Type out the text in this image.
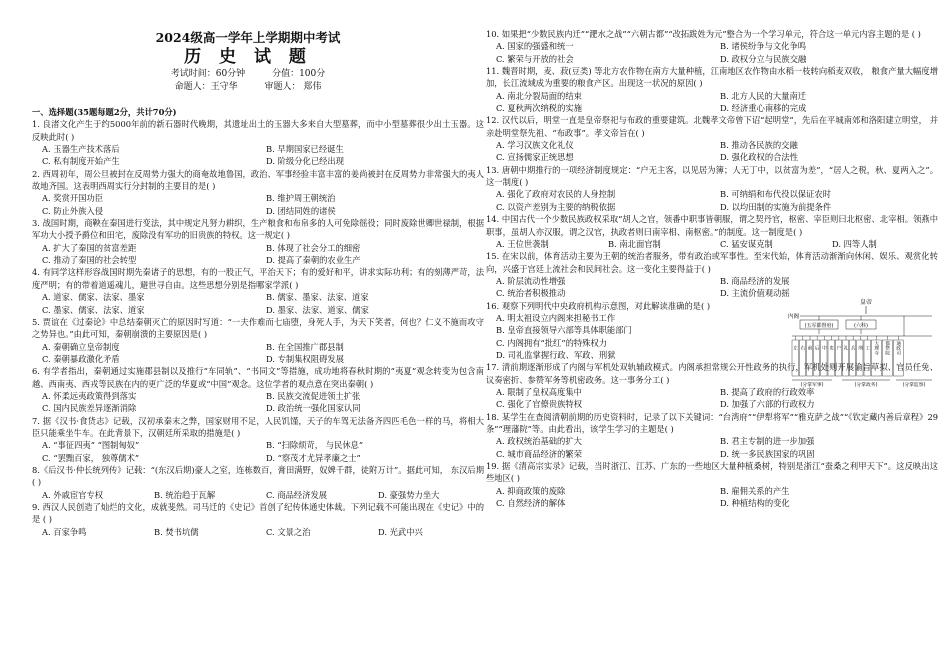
2024级高一学年上学期期中考试
历 史 试 题
考试时间：60分钟	分值：100分
命题人：王守华	审题人： 郑伟
一、选择题(35题每题2分，共计70分)
1. 良渚文化产生于约5000年前的新石器时代晚期，其遗址出土的玉器大多来自大型墓葬，而中小型墓葬很少出土玉器。这反映此时( )
A. 玉器生产技术落后	B. 早期国家已经诞生
C. 私有制度开始产生	D. 阶级分化已经出现
2. 西周初年，周公旦被封在反周势力强大的商奄故地鲁国，政治、军事经验丰富丰富的姜尚被封在反周势力非常强大的夷人故地齐国。这表明西周实行分封制的主要目的是( )
A. 奖赏开国功臣	B. 维护周王朝统治
C. 防止外族入侵	D. 团结同姓的诸侯
3. 战国时期，商鞅在秦国进行变法，其中规定凡努力耕织，生产粮食和布帛多的人可免除徭役；同时废除世卿世禄制，根据军功大小授予爵位和田宅，废除没有军功的旧贵族的特权。这一规定( )
A. 扩大了秦国的贫富差距	B. 体现了社会分工的细密
C. 推动了秦国的社会转型	D. 提高了秦朝的农业生产
4. 有同学这样形容战国时期先秦诸子的思想，有的一股正气，平治天下；有的爱好和平，讲求实际功利；有的刻薄严苛，法度严明；有的带着道遥魂儿，避世寻自由。这些思想分别是指哪家学派( )
A. 道家、儒家、法家、墨家	B. 儒家、墨家、法家、道家
C. 墨家、儒家、法家、道家	D. 墨家、法家、道家、儒家
5. 贾谊在《过秦论》中总结秦朝灭亡的原因时写道：“一夫作难而七庙堕，身死人手，为天下笑者，何也？仁义不施而攻守之势异也。”由此可知，秦朝崩溃的主要原因是( )
A. 秦朝确立皇帝制度	B. 在全国推广郡县制
C. 秦朝暴政激化矛盾	D. 专制集权阻碍发展
6. 有学者指出，秦朝通过实施郡县制以及推行“车同轨”、“书同文”等措施，成功地将春秋时期的“夷夏”观念转变为包含南越、西南夷、西戎等民族在内的更广泛的华夏或“中国”观念。这位学者的观点意在突出秦朝( )
A. 怀柔远夷政策得到落实	B. 民族交流促进领土扩张
C. 国内民族差异逐渐消除	D. 政治统一强化国家认同
7. 据《汉书·食货志》记载，汉初承秦末之弊，国家财用不足，人民饥馑，天子的车驾无法备齐四匹毛色一样的马，将相大臣只能乘坐牛车。在此背景下，汉朝廷所采取的措施是( )
A. “事征四夷” “图制匈奴”	B. “扫除烦苛， 与民休息”
C. “罢黜百家， 独尊儒术”	D. “察茂才尤异孝廉之士”
8.《后汉书·仲长统列传》记载：“(东汉后期)豪人之室，连栋数百，膏田满野，奴婢千群，徒附万计”。据此可知， 东汉后期( )
A. 外戚宦官专权	B. 统治趋于瓦解	C. 商品经济发展	D. 豪强势力坐大
9. 西汉人民创造了灿烂的文化，成就斐然。司马迁的《史记》首创了纪传体通史体裁。下列记载不可能出现在《史记》中的是 ( )
A. 百家争鸣	B. 焚书坑儒	C. 文景之治	D. 光武中兴
10. 如果把“少数民族内迁”“淝水之战”“六朝古都”“改拓跋姓为元”整合为一个学习单元，符合这一单元内容主题的是 ( )
A. 国家的强盛和统一	B. 诸侯纷争与文化争鸣
C. 繁荣与开放的社会	D. 政权分立与民族交融
11. 魏晋时期，麦、菽(豆类) 等北方农作物在南方大量种植，江南地区农作物由水稻一枝转向稻麦双收， 粮食产量大幅度增加，长江流域成为重要的粮食产区。出现这一状况的原因( )
A. 南北分裂局面的结束	B. 北方人民的大量南迁
C. 夏秋两次纳税的实施	D. 经济重心南移的完成
12. 汉代以后，明堂一直是皇帝祭祀与布政的重要建筑。北魏孝文帝曾下诏“起明堂”，先后在平城南郊和洛阳建立明堂， 并亲赴明堂祭先祖、“布政事”。孝文帝旨在( )
A. 学习汉族文化礼仪	B. 推动各民族的交融
C. 宣扬儒家正统思想	D. 强化政权的合法性
13. 唐朝中期推行的一项经济制度规定：“户无主客，以见居为簿；人无丁中，以贫富为差”，“居人之税，秋、夏两入之”。这一制度( )
A. 强化了政府对农民的人身控制	B. 可纳绢和布代役以保证农时
C. 以资产差别为主要的纳税依据	D. 以均田制的实施为前提条件
14. 中国古代一个少数民族政权采取“胡人之官，领番中职事皆朝服，谓之契丹官，枢密、宰臣则曰北枢密、北宰相。领燕中职事，虽胡人亦汉服，谓之汉官，执政者则曰南宰相、南枢密。”的制度。这一制度是( )
A. 王位世袭制	B. 南北面官制	C. 猛安谋克制	D. 四等人制
15. 在宋以前，体育活动主要为王朝的统治者服务，带有政治或军事性。至宋代始，体育活动渐渐向休闲、娱乐、观赏化转向，兴盛于宫廷上流社会和民间社会。这一变化主要得益于( )
A. 阶层流动性增强	B. 商品经济的发展
C. 统治者积极推动	D. 主流价值观动摇
16. 观察下列明代中央政府机构示意图，对此解读准确的是( )
A. 明太祖设立内阁来担秘书工作
B. 皇帝直接领导六部等具体职能部门
C. 内阁拥有“批红”的特殊权力
D. 司礼监掌握行政、军政、刑狱
皇帝
内阁
(五军都督府)	(六科)
左 右 前 后 中 吏 户 礼 兵 刑 工 大理寺 都察院 通政司
(分掌军事)	(分掌政务)	(分掌监察)
17. 清前期逐渐形成了内阁与军机处双轨辅政模式。内阁承担常规公开性政务的执行，军机处则开展谕旨草拟、官员任免、议奏密折、参赞军务等机密政务。这一事务分工( )
A. 限制了皇权高度集中	B. 提高了政府的行政效率
C. 强化了官僚贵族特权	D. 加强了六部的行政权力
18. 某学生在查阅清朝前期的历史资料时，记录了以下关键词：“台湾府”“伊犁将军”“雅克萨之战”“《钦定藏内善后章程》29条”“理藩院”等。由此看出，该学生学习的主题是( )
A. 政权统治基础的扩大	B. 君主专制的进一步加强
C. 城市商品经济的繁荣	D. 统一多民族国家的巩固
19. 据《清高宗实录》记载，当时浙江、江苏、广东的一些地区大量种植桑树，特别是浙江“蚕桑之利甲天下”。这反映出这些地区( )
A. 抑商政策的废除	B. 雇佣关系的产生
C. 自然经济的解体	D. 种植结构的变化
